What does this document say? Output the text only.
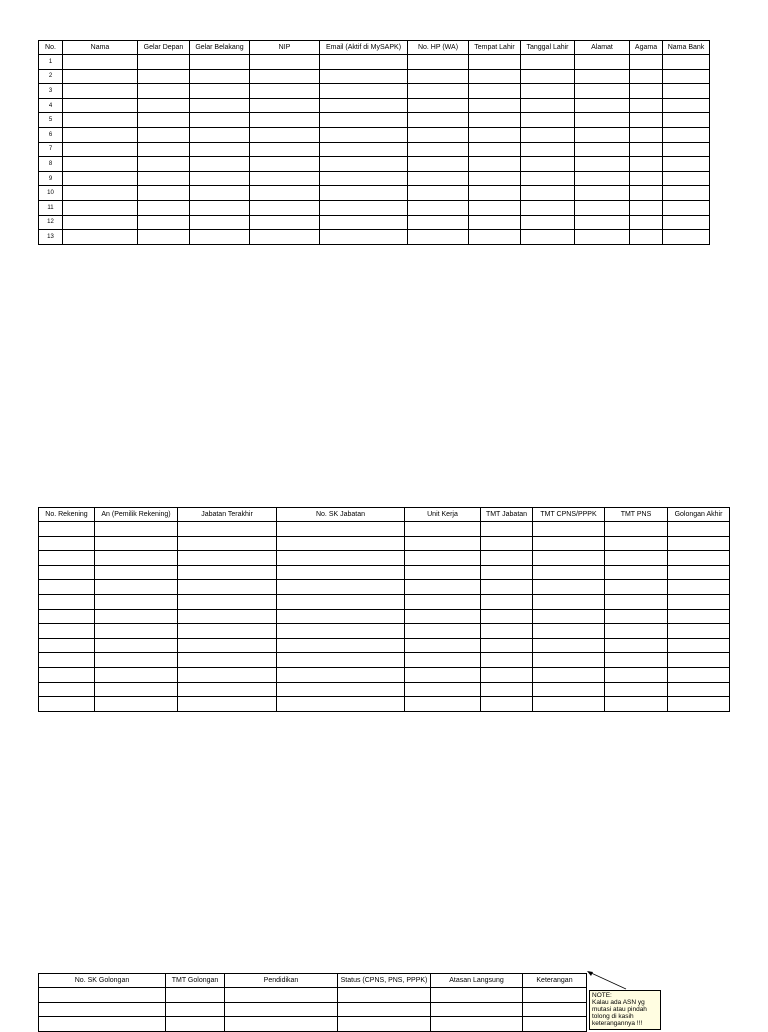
No.	Nama	Gelar Depan	Gelar Belakang	NIP	Email (Aktif di MySAPK)	No. HP (WA)	Tempat Lahir	Tanggal Lahir	Alamat	Agama	Nama Bank
1											
2											
3											
4											
5											
6											
7											
8											
9											
10											
11											
12											
13											
No. Rekening	An (Pemilik Rekening)	Jabatan Terakhir	No. SK Jabatan	Unit Kerja	TMT Jabatan	TMT CPNS/PPPK	TMT PNS	Golongan Akhir

No. SK Golongan	TMT Golongan	Pendidikan	Status (CPNS, PNS, PPPK)	Atasan Langsung	Keterangan

NOTE:
Kalau ada ASN yg mutasi atau pindah tolong di kasih keterangannya !!!
